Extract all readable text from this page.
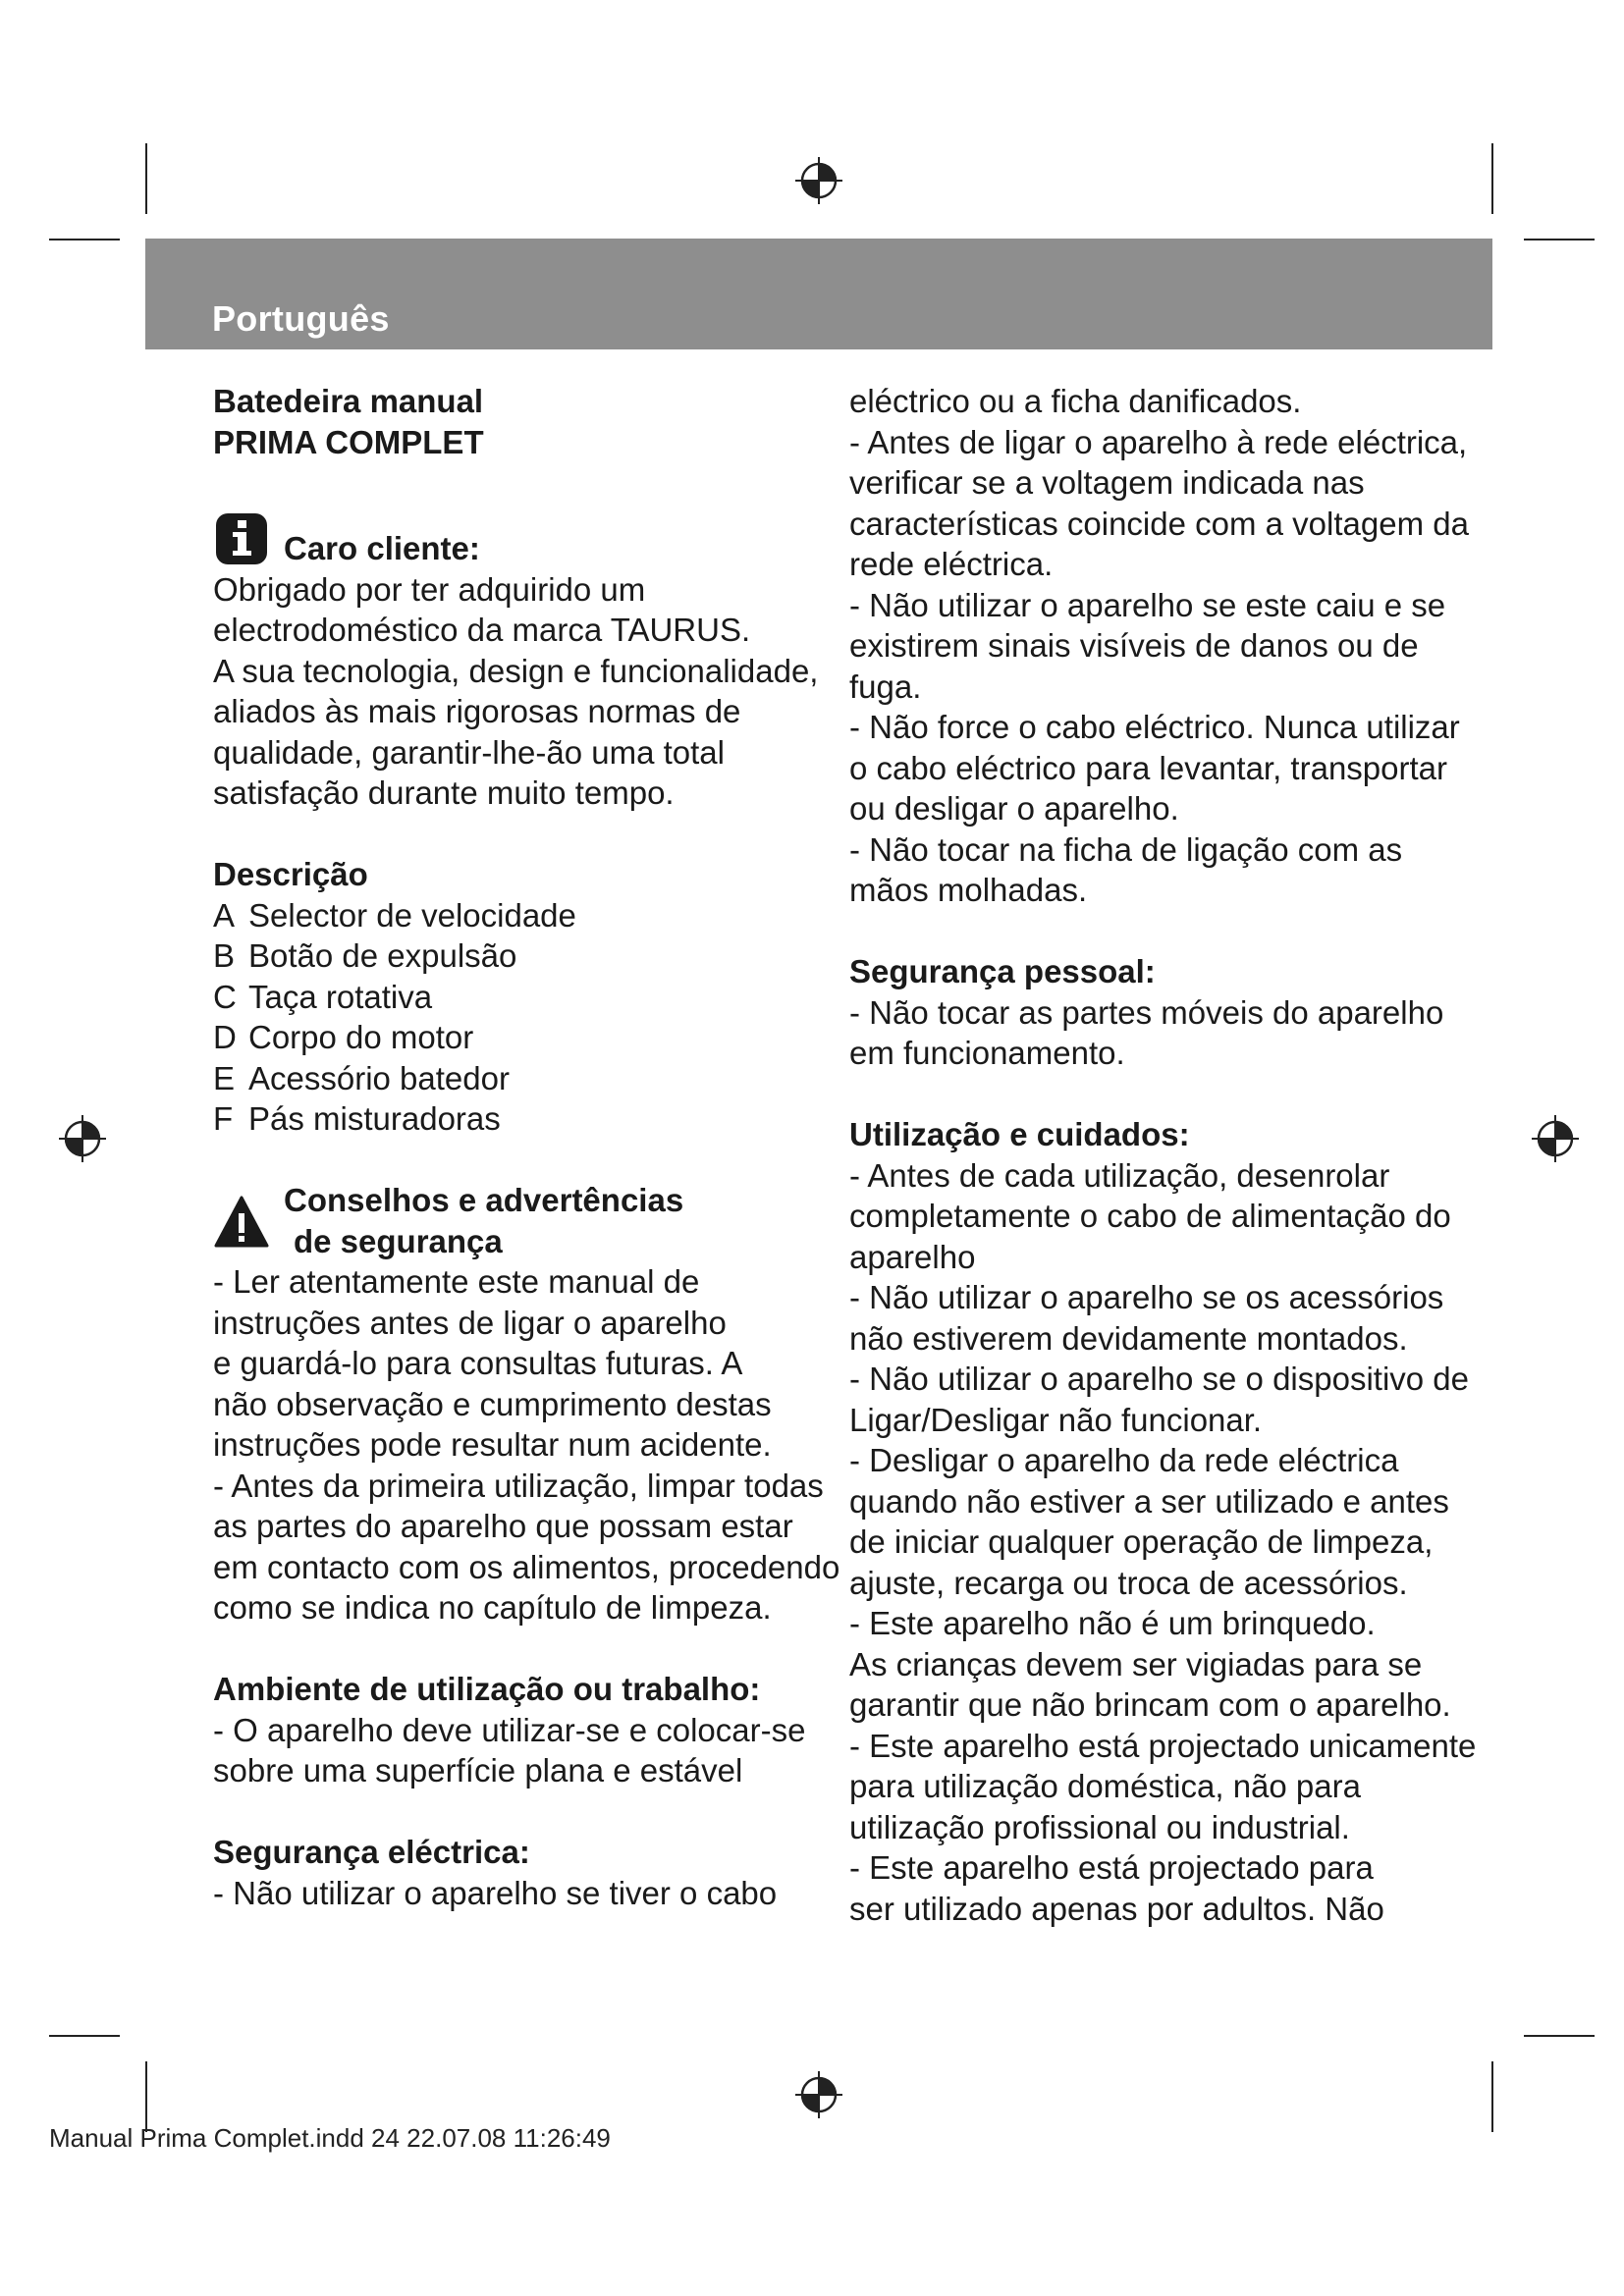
Português

Batedeira manual

PRIMA COMPLET

Caro cliente:

Obrigado por ter adquirido um

electrodoméstico da marca TAURUS.

A sua tecnologia, design e funcionalidade,

aliados às mais rigorosas normas de

qualidade, garantir-lhe-ão uma total

satisfação durante muito tempo.

Descrição

A Selector de velocidade

B Botão de expulsão

C Taça rotativa

D Corpo do motor

E Acessório batedor

F Pás misturadoras

Conselhos e advertências

de segurança

- Ler atentamente este manual de

instruções antes de ligar o aparelho

e guardá-lo para consultas futuras. A

não observação e cumprimento destas

instruções pode resultar num acidente.

- Antes da primeira utilização, limpar todas

as partes do aparelho que possam estar

em contacto com os alimentos, procedendo

como se indica no capítulo de limpeza.

Ambiente de utilização ou trabalho:

- O aparelho deve utilizar-se e colocar-se

sobre uma superfície plana e estável

Segurança eléctrica:

- Não utilizar o aparelho se tiver o cabo

eléctrico ou a ficha danificados.

- Antes de ligar o aparelho à rede eléctrica,

verificar se a voltagem indicada nas

características coincide com a voltagem da

rede eléctrica.

- Não utilizar o aparelho se este caiu e se

existirem sinais visíveis de danos ou de

fuga.

- Não force o cabo eléctrico. Nunca utilizar

o cabo eléctrico para levantar, transportar

ou desligar o aparelho.

- Não tocar na ficha de ligação com as

mãos molhadas.

Segurança pessoal:

- Não tocar as partes móveis do aparelho

em funcionamento.

Utilização e cuidados:

- Antes de cada utilização, desenrolar

completamente o cabo de alimentação do

aparelho

- Não utilizar o aparelho se os acessórios

não estiverem devidamente montados.

- Não utilizar o aparelho se o dispositivo de

Ligar/Desligar não funcionar.

- Desligar o aparelho da rede eléctrica

quando não estiver a ser utilizado e antes

de iniciar qualquer operação de limpeza,

ajuste, recarga ou troca de acessórios.

- Este aparelho não é um brinquedo.

As crianças devem ser vigiadas para se

garantir que não brincam com o aparelho.

- Este aparelho está projectado unicamente

para utilização doméstica, não para

utilização profissional ou industrial.

- Este aparelho está projectado para

ser utilizado apenas por adultos. Não

Manual Prima Complet.indd 24 22.07.08 11:26:49
